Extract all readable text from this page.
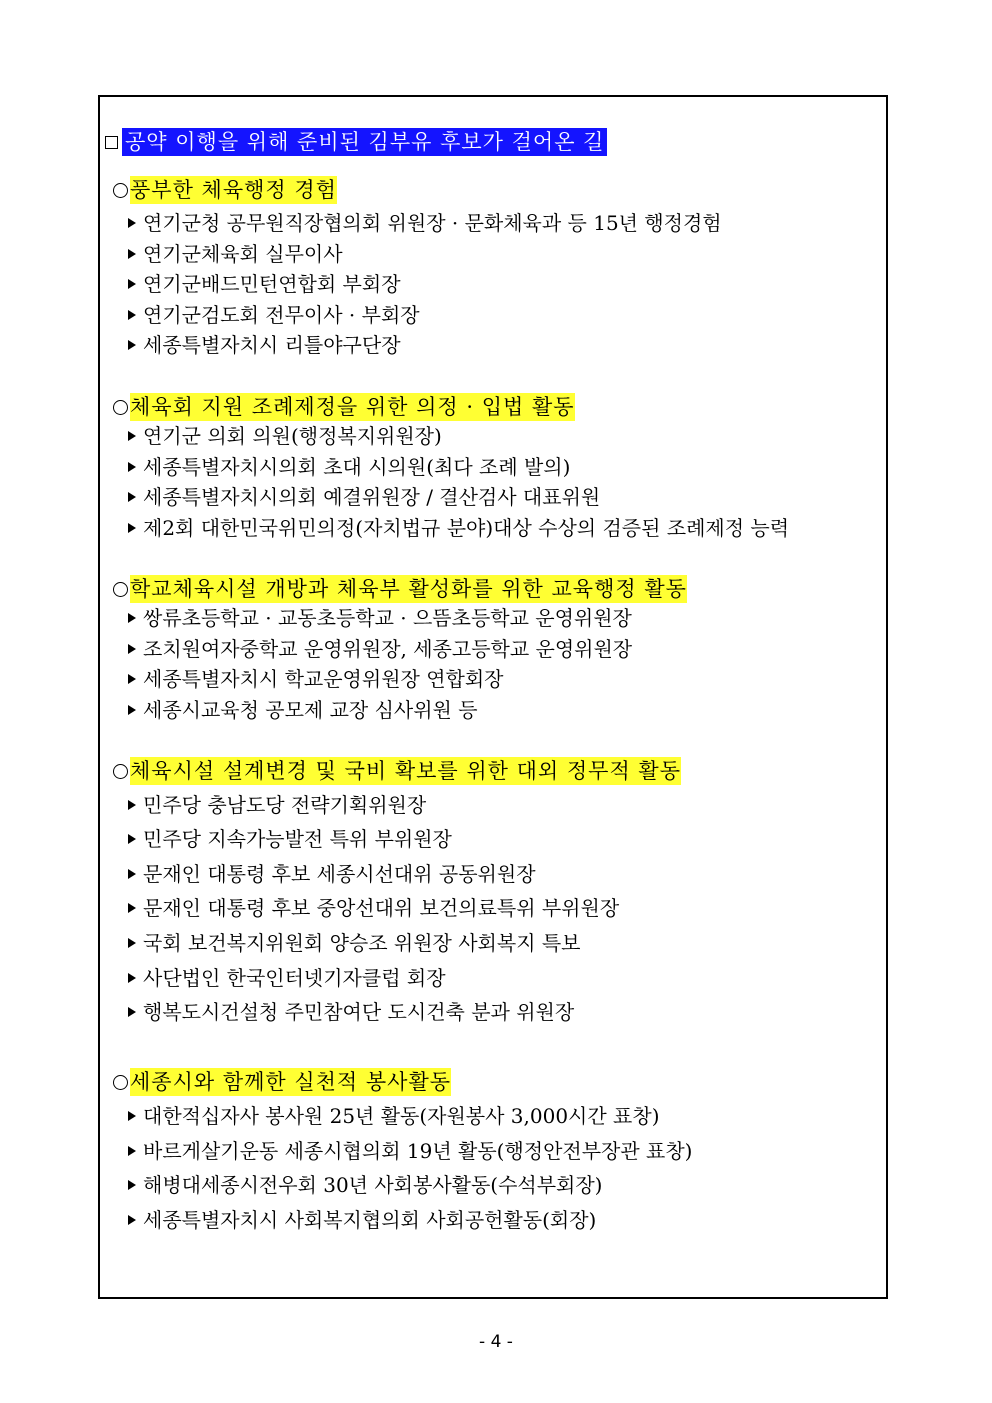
공약 이행을 위해 준비된 김부유 후보가 걸어온 길
풍부한 체육행정 경험
연기군청 공무원직장협의회 위원장 · 문화체육과 등 15년 행정경험
연기군체육회 실무이사
연기군배드민턴연합회 부회장
연기군검도회 전무이사 · 부회장
세종특별자치시 리틀야구단장
체육회 지원 조례제정을 위한 의정 · 입법 활동
연기군 의회 의원(행정복지위원장)
세종특별자치시의회 초대 시의원(최다 조례 발의)
세종특별자치시의회 예결위원장 / 결산검사 대표위원
제2회 대한민국위민의정(자치법규 분야)대상 수상의 검증된 조례제정 능력
학교체육시설 개방과 체육부 활성화를 위한 교육행정 활동
쌍류초등학교 · 교동초등학교 · 으뜸초등학교 운영위원장
조치원여자중학교 운영위원장, 세종고등학교 운영위원장
세종특별자치시 학교운영위원장 연합회장
세종시교육청 공모제 교장 심사위원 등
체육시설 설계변경 및 국비 확보를 위한 대외 정무적 활동
민주당 충남도당 전략기획위원장
민주당 지속가능발전 특위 부위원장
문재인 대통령 후보 세종시선대위 공동위원장
문재인 대통령 후보 중앙선대위 보건의료특위 부위원장
국회 보건복지위원회 양승조 위원장 사회복지 특보
사단법인 한국인터넷기자클럽 회장
행복도시건설청 주민참여단 도시건축 분과 위원장
세종시와 함께한 실천적 봉사활동
대한적십자사 봉사원 25년 활동(자원봉사 3,000시간 표창)
바르게살기운동 세종시협의회 19년 활동(행정안전부장관 표창)
해병대세종시전우회 30년 사회봉사활동(수석부회장)
세종특별자치시 사회복지협의회 사회공헌활동(회장)
- 4 -
